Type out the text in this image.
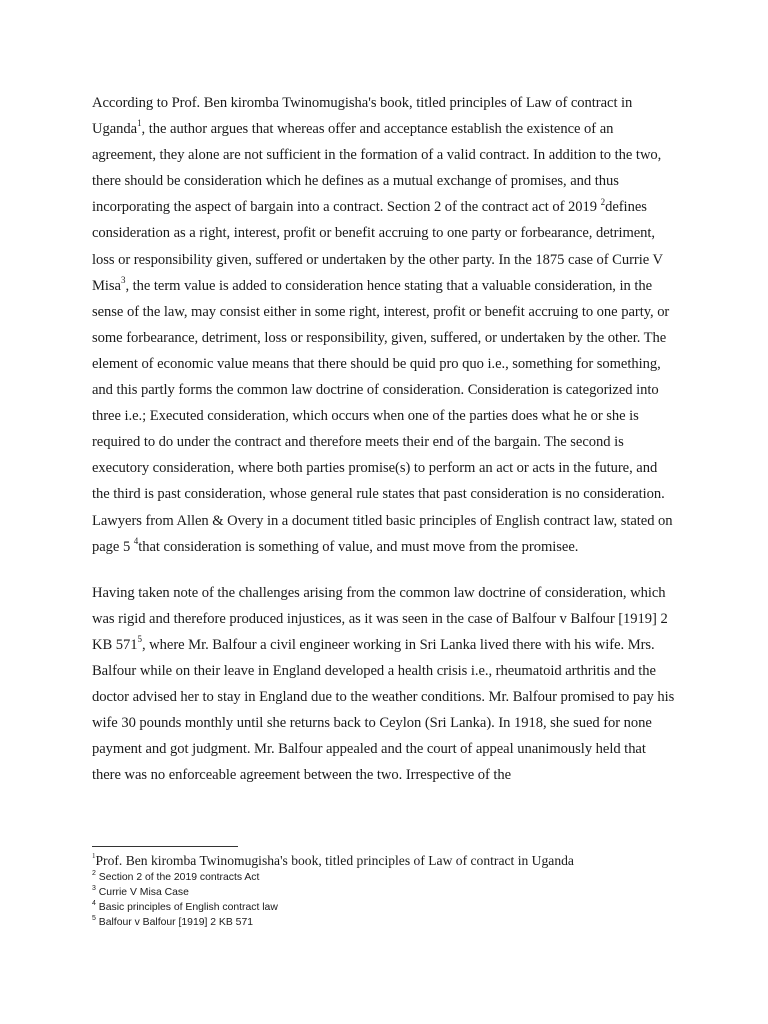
According to Prof. Ben kiromba Twinomugisha's book, titled principles of Law of contract in Uganda$^1$, the author argues that whereas offer and acceptance establish the existence of an agreement, they alone are not sufficient in the formation of a valid contract. In addition to the two, there should be consideration which he defines as a mutual exchange of promises, and thus incorporating the aspect of bargain into a contract. Section 2 of the contract act of 2019 $^2$defines consideration as a right, interest, profit or benefit accruing to one party or forbearance, detriment, loss or responsibility given, suffered or undertaken by the other party. In the 1875 case of Currie V Misa$^3$, the term value is added to consideration hence stating that a valuable consideration, in the sense of the law, may consist either in some right, interest, profit or benefit accruing to one party, or some forbearance, detriment, loss or responsibility, given, suffered, or undertaken by the other. The element of economic value means that there should be quid pro quo i.e., something for something, and this partly forms the common law doctrine of consideration. Consideration is categorized into three i.e.; Executed consideration, which occurs when one of the parties does what he or she is required to do under the contract and therefore meets their end of the bargain. The second is executory consideration, where both parties promise(s) to perform an act or acts in the future, and the third is past consideration, whose general rule states that past consideration is no consideration. Lawyers from Allen & Overy in a document titled basic principles of English contract law, stated on page 5 $^4$that consideration is something of value, and must move from the promisee.

Having taken note of the challenges arising from the common law doctrine of consideration, which was rigid and therefore produced injustices, as it was seen in the case of Balfour v Balfour [1919] 2 KB $571^5$, where Mr. Balfour a civil engineer working in Sri Lanka lived there with his wife. Mrs. Balfour while on their leave in England developed a health crisis i.e., rheumatoid arthritis and the doctor advised her to stay in England due to the weather conditions. Mr. Balfour promised to pay his wife 30 pounds monthly until she returns back to Ceylon (Sri Lanka). In 1918, she sued for none payment and got judgment. Mr. Balfour appealed and the court of appeal unanimously held that there was no enforceable agreement between the two. Irrespective of the

$^1$Prof. Ben kiromba Twinomugisha's book, titled principles of Law of contract in Uganda
$^2$ Section 2 of the 2019 contracts Act
$^3$ Currie V Misa Case
$^4$ Basic principles of English contract law
$^5$ Balfour v Balfour [1919] 2 KB 571
